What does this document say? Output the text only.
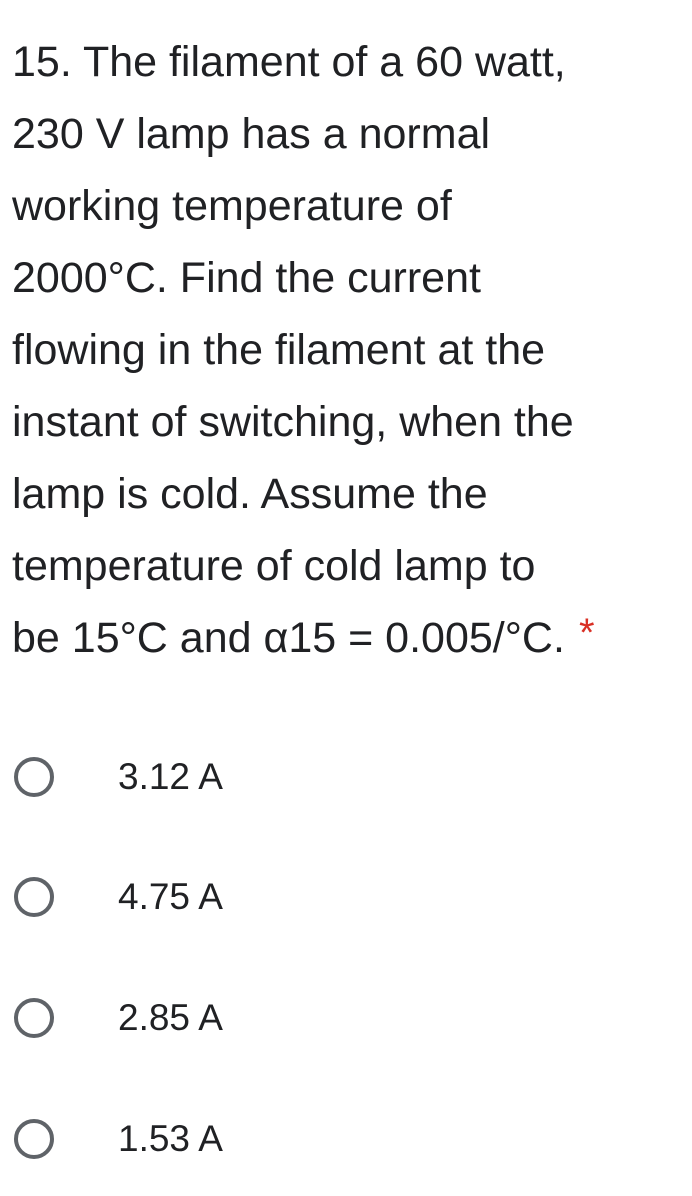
15. The filament of a 60 watt,
230 V lamp has a normal
working temperature of
2000°C. Find the current
flowing in the filament at the
instant of switching, when the
lamp is cold. Assume the
temperature of cold lamp to
be 15°C and α15 = 0.005/°C. *
3.12 A
4.75 A
2.85 A
1.53 A
